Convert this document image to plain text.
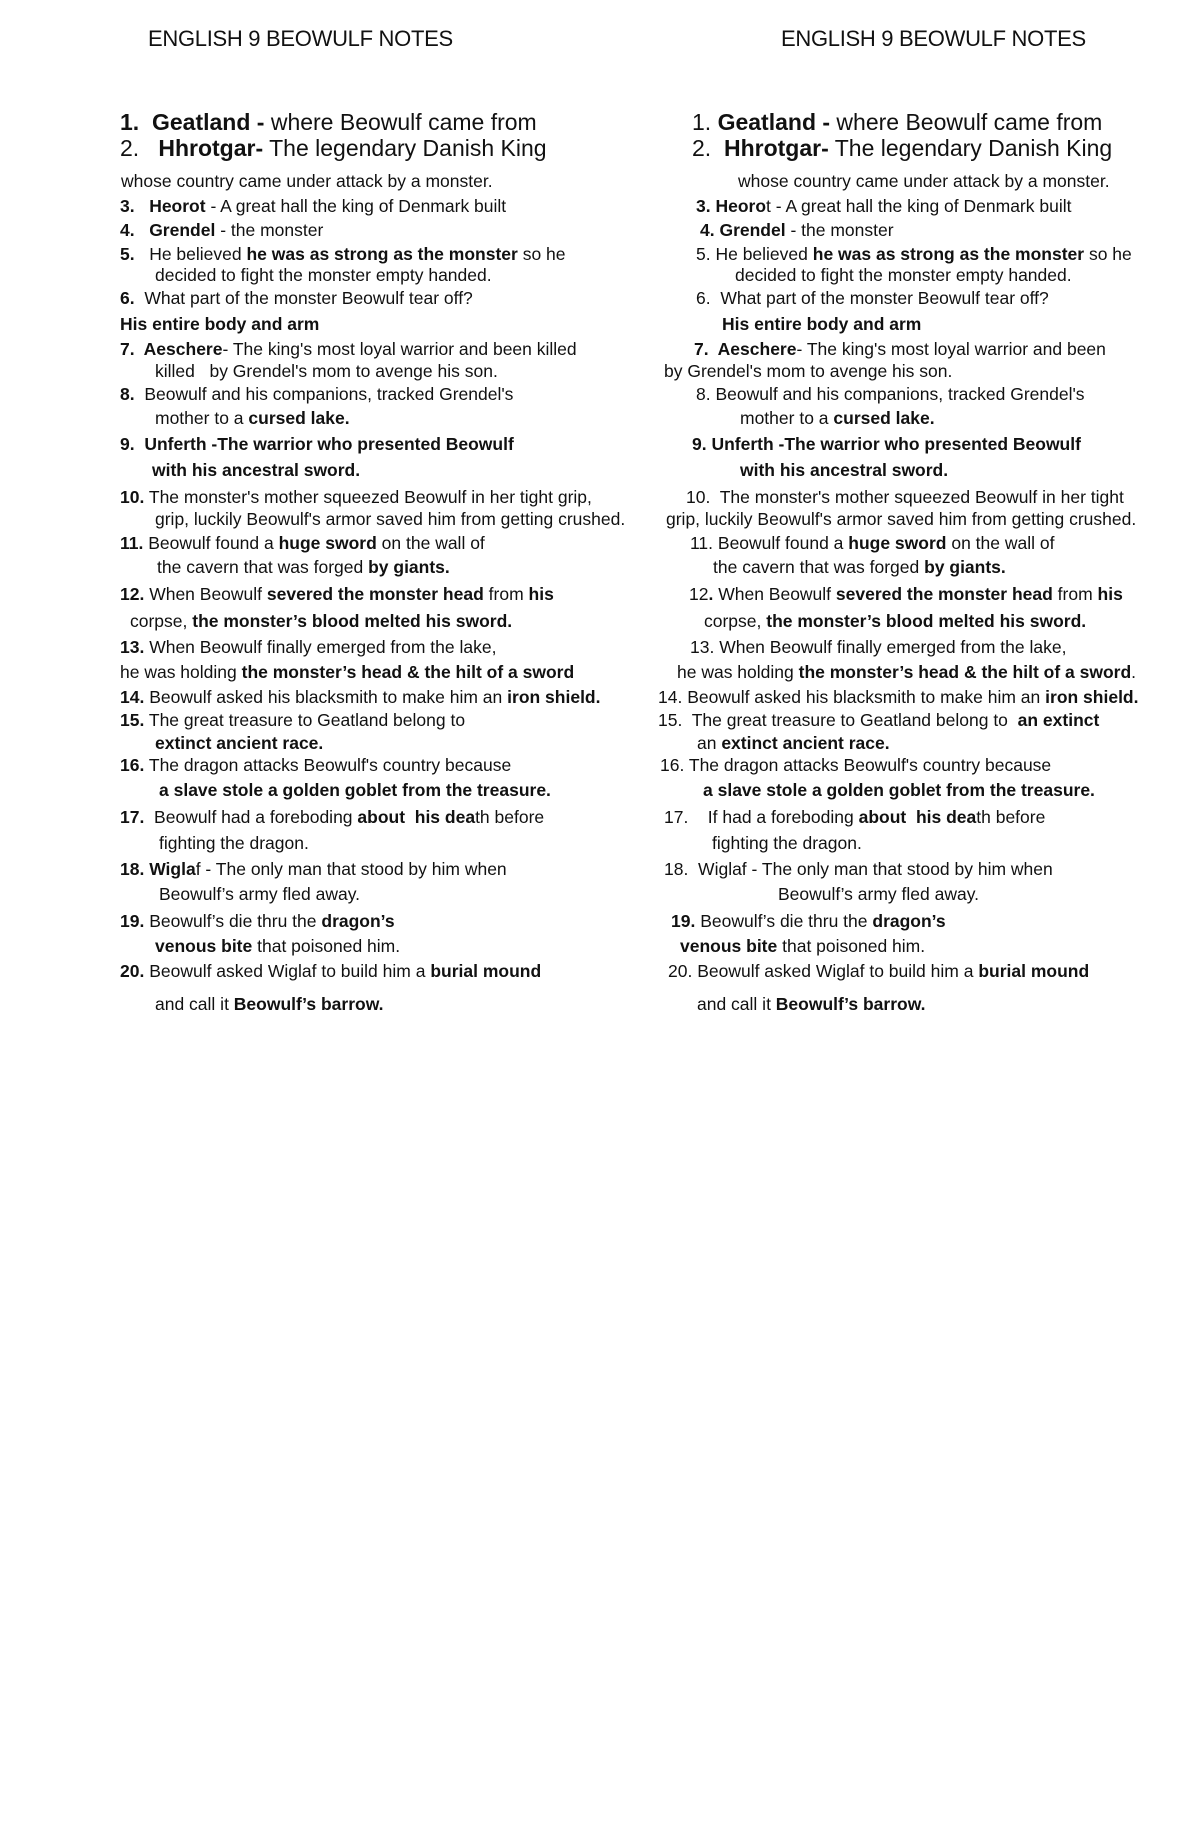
ENGLISH 9 BEOWULF NOTES	ENGLISH 9 BEOWULF NOTES
1.  Geatland - where Beowulf came from
2.   Hhrotgar- The legendary Danish King
whose country came under attack by a monster.
3.   Heorot - A great hall the king of Denmark built
4.   Grendel - the monster
5.   He believed he was as strong as the monster so he
decided to fight the monster empty handed.
6.  What part of the monster Beowulf tear off?
His entire body and arm
7.  Aeschere- The king's most loyal warrior and been killed
killed   by Grendel's mom to avenge his son.
8.  Beowulf and his companions, tracked Grendel's
mother to a cursed lake.
9.  Unferth -The warrior who presented Beowulf
with his ancestral sword.
10. The monster's mother squeezed Beowulf in her tight grip,
grip, luckily Beowulf's armor saved him from getting crushed.
11. Beowulf found a huge sword on the wall of
the cavern that was forged by giants.
12. When Beowulf severed the monster head from his
corpse, the monster’s blood melted his sword.
13. When Beowulf finally emerged from the lake,
he was holding the monster’s head & the hilt of a sword
14. Beowulf asked his blacksmith to make him an iron shield.
15. The great treasure to Geatland belong to
extinct ancient race.
16. The dragon attacks Beowulf's country because
a slave stole a golden goblet from the treasure.
17.  Beowulf had a foreboding about  his death before
fighting the dragon.
18. Wiglaf - The only man that stood by him when
Beowulf’s army fled away.
19. Beowulf’s die thru the dragon’s
venous bite that poisoned him.
20. Beowulf asked Wiglaf to build him a burial mound
and call it Beowulf’s barrow.
1. Geatland - where Beowulf came from
2.  Hhrotgar- The legendary Danish King
whose country came under attack by a monster.
3. Heorot - A great hall the king of Denmark built
4. Grendel - the monster
5. He believed he was as strong as the monster so he
decided to fight the monster empty handed.
6.  What part of the monster Beowulf tear off?
His entire body and arm
7.  Aeschere- The king's most loyal warrior and been
by Grendel's mom to avenge his son.
8. Beowulf and his companions, tracked Grendel's
mother to a cursed lake.
9. Unferth -The warrior who presented Beowulf
with his ancestral sword.
10.  The monster's mother squeezed Beowulf in her tight
grip, luckily Beowulf's armor saved him from getting crushed.
11. Beowulf found a huge sword on the wall of
the cavern that was forged by giants.
12. When Beowulf severed the monster head from his
corpse, the monster’s blood melted his sword.
13. When Beowulf finally emerged from the lake,
he was holding the monster’s head & the hilt of a sword.
14. Beowulf asked his blacksmith to make him an iron shield.
15.  The great treasure to Geatland belong to  an extinct
an extinct ancient race.
16. The dragon attacks Beowulf's country because
a slave stole a golden goblet from the treasure.
17.    If had a foreboding about  his death before
fighting the dragon.
18.  Wiglaf - The only man that stood by him when
Beowulf’s army fled away.
19. Beowulf’s die thru the dragon’s
venous bite that poisoned him.
20. Beowulf asked Wiglaf to build him a burial mound
and call it Beowulf’s barrow.
